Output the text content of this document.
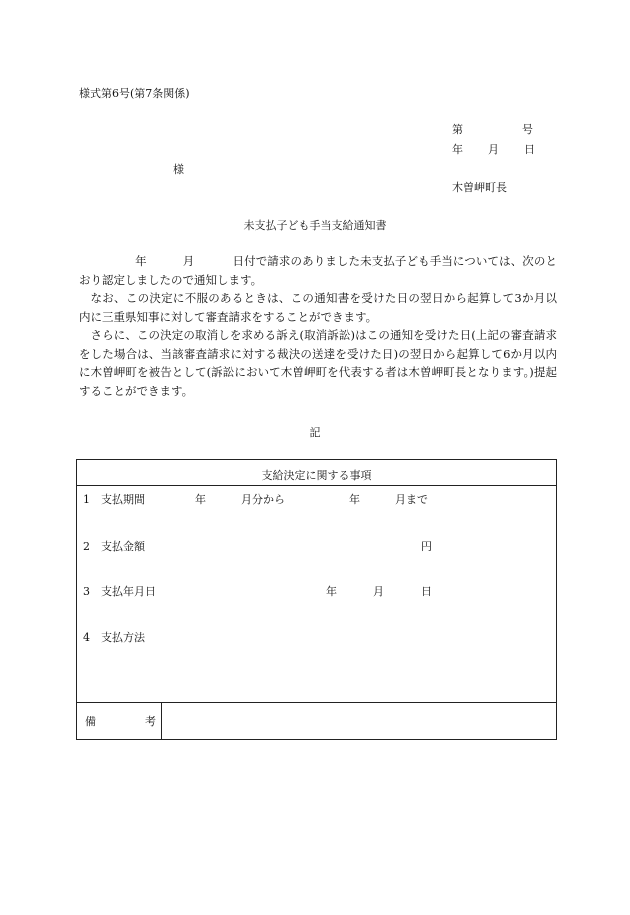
様式第6号(第7条関係)
第	号
年 月 日
様
木曽岬町長
未支払子ども手当支給通知書

年	月	日付で請求のありました未支払子ども手当については、次のとおり認定しましたので通知します。

なお、この決定に不服のあるときは、この通知書を受けた日の翌日から起算して3か月以内に三重県知事に対して審査請求をすることができます。

さらに、この決定の取消しを求める訴え(取消訴訟)はこの通知を受けた日(上記の審査請求をした場合は、当該審査請求に対する裁決の送達を受けた日)の翌日から起算して6か月以内に木曽岬町を被告として(訴訟において木曽岬町を代表する者は木曽岬町長となります。)提起することができます。

記
支給決定に関する事項
1　支払期間	年	月分から	年	月まで
2　支払金額	円
3　支払年月日	年	月	日
4　支払方法
備	考
